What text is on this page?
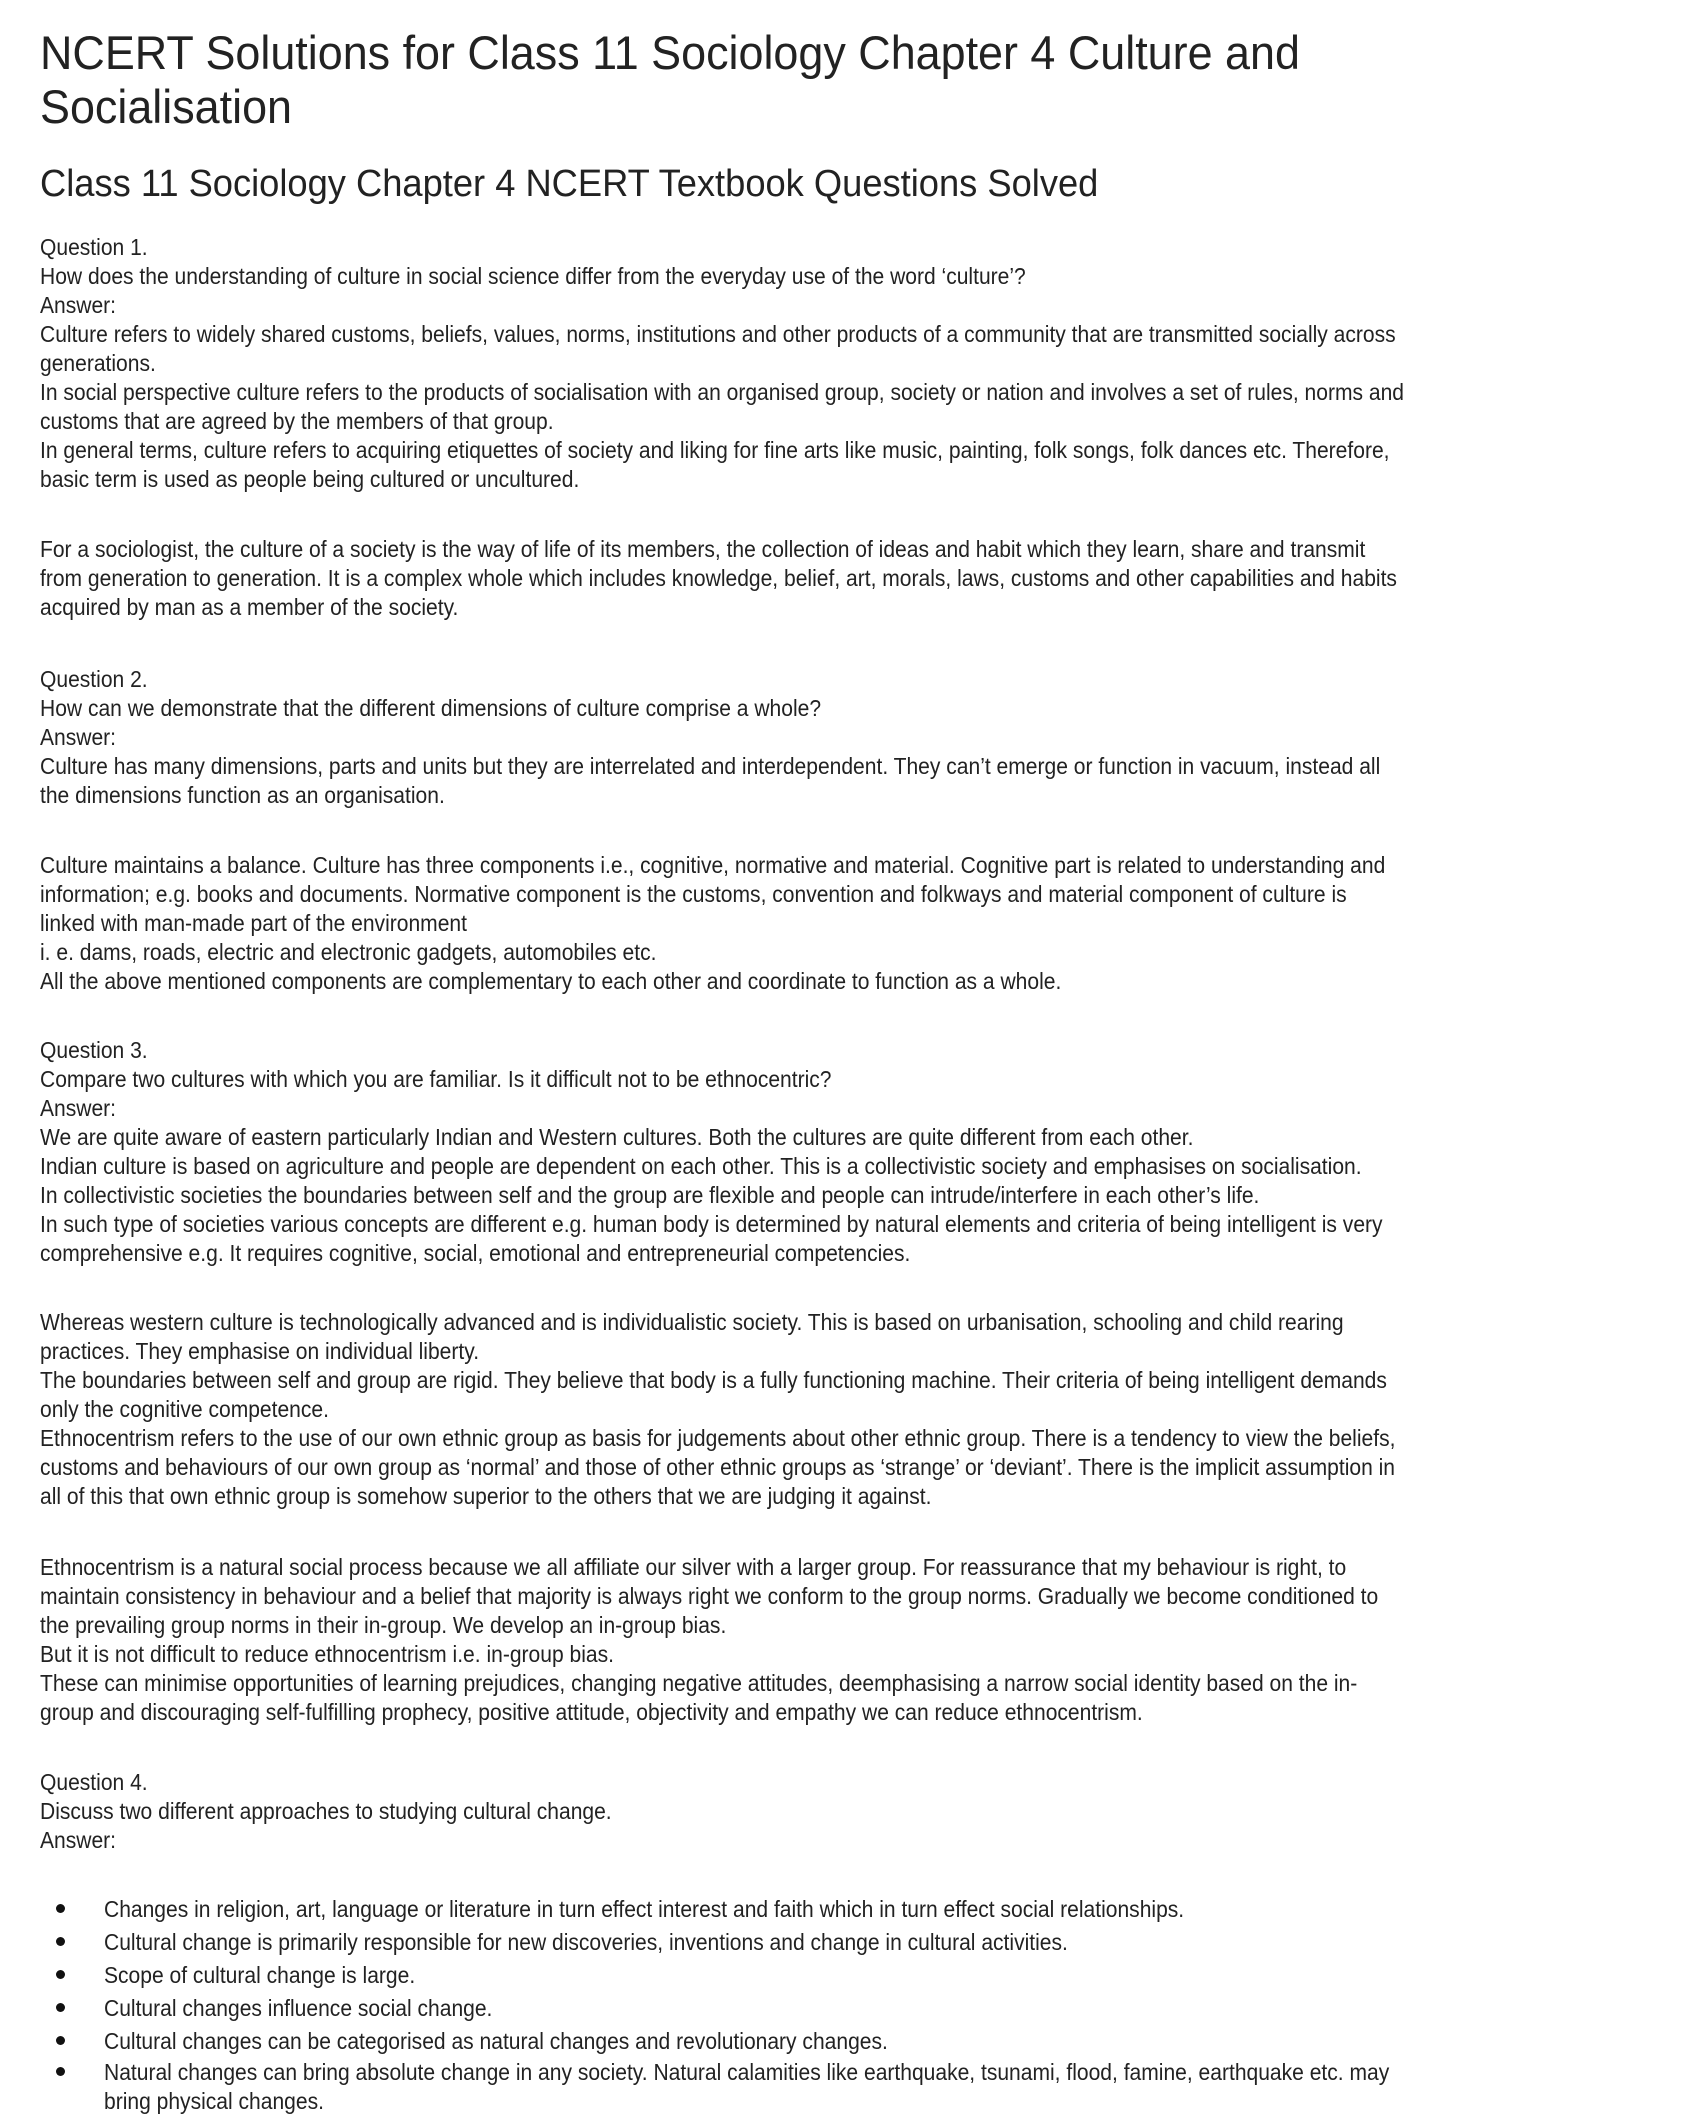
NCERT Solutions for Class 11 Sociology Chapter 4 Culture and
Socialisation
Class 11 Sociology Chapter 4 NCERT Textbook Questions Solved
Question 1.
How does the understanding of culture in social science differ from the everyday use of the word ‘culture’?
Answer:
Culture refers to widely shared customs, beliefs, values, norms, institutions and other products of a community that are transmitted socially across
generations.
In social perspective culture refers to the products of socialisation with an organised group, society or nation and involves a set of rules, norms and
customs that are agreed by the members of that group.
In general terms, culture refers to acquiring etiquettes of society and liking for fine arts like music, painting, folk songs, folk dances etc. Therefore,
basic term is used as people being cultured or uncultured.
For a sociologist, the culture of a society is the way of life of its members, the collection of ideas and habit which they learn, share and transmit
from generation to generation. It is a complex whole which includes knowledge, belief, art, morals, laws, customs and other capabilities and habits
acquired by man as a member of the society.
Question 2.
How can we demonstrate that the different dimensions of culture comprise a whole?
Answer:
Culture has many dimensions, parts and units but they are interrelated and interdependent. They can’t emerge or function in vacuum, instead all
the dimensions function as an organisation.
Culture maintains a balance. Culture has three components i.e., cognitive, normative and material. Cognitive part is related to understanding and
information; e.g. books and documents. Normative component is the customs, convention and folkways and material component of culture is
linked with man-made part of the environment
i. e. dams, roads, electric and electronic gadgets, automobiles etc.
All the above mentioned components are complementary to each other and coordinate to function as a whole.
Question 3.
Compare two cultures with which you are familiar. Is it difficult not to be ethnocentric?
Answer:
We are quite aware of eastern particularly Indian and Western cultures. Both the cultures are quite different from each other.
Indian culture is based on agriculture and people are dependent on each other. This is a collectivistic society and emphasises on socialisation.
In collectivistic societies the boundaries between self and the group are flexible and people can intrude/interfere in each other’s life.
In such type of societies various concepts are different e.g. human body is determined by natural elements and criteria of being intelligent is very
comprehensive e.g. It requires cognitive, social, emotional and entrepreneurial competencies.
Whereas western culture is technologically advanced and is individualistic society. This is based on urbanisation, schooling and child rearing
practices. They emphasise on individual liberty.
The boundaries between self and group are rigid. They believe that body is a fully functioning machine. Their criteria of being intelligent demands
only the cognitive competence.
Ethnocentrism refers to the use of our own ethnic group as basis for judgements about other ethnic group. There is a tendency to view the beliefs,
customs and behaviours of our own group as ‘normal’ and those of other ethnic groups as ‘strange’ or ‘deviant’. There is the implicit assumption in
all of this that own ethnic group is somehow superior to the others that we are judging it against.
Ethnocentrism is a natural social process because we all affiliate our silver with a larger group. For reassurance that my behaviour is right, to
maintain consistency in behaviour and a belief that majority is always right we conform to the group norms. Gradually we become conditioned to
the prevailing group norms in their in-group. We develop an in-group bias.
But it is not difficult to reduce ethnocentrism i.e. in-group bias.
These can minimise opportunities of learning prejudices, changing negative attitudes, deemphasising a narrow social identity based on the in-
group and discouraging self-fulfilling prophecy, positive attitude, objectivity and empathy we can reduce ethnocentrism.
Question 4.
Discuss two different approaches to studying cultural change.
Answer:
Changes in religion, art, language or literature in turn effect interest and faith which in turn effect social relationships.
Cultural change is primarily responsible for new discoveries, inventions and change in cultural activities.
Scope of cultural change is large.
Cultural changes influence social change.
Cultural changes can be categorised as natural changes and revolutionary changes.
Natural changes can bring absolute change in any society. Natural calamities like earthquake, tsunami, flood, famine, earthquake etc. may
bring physical changes.
